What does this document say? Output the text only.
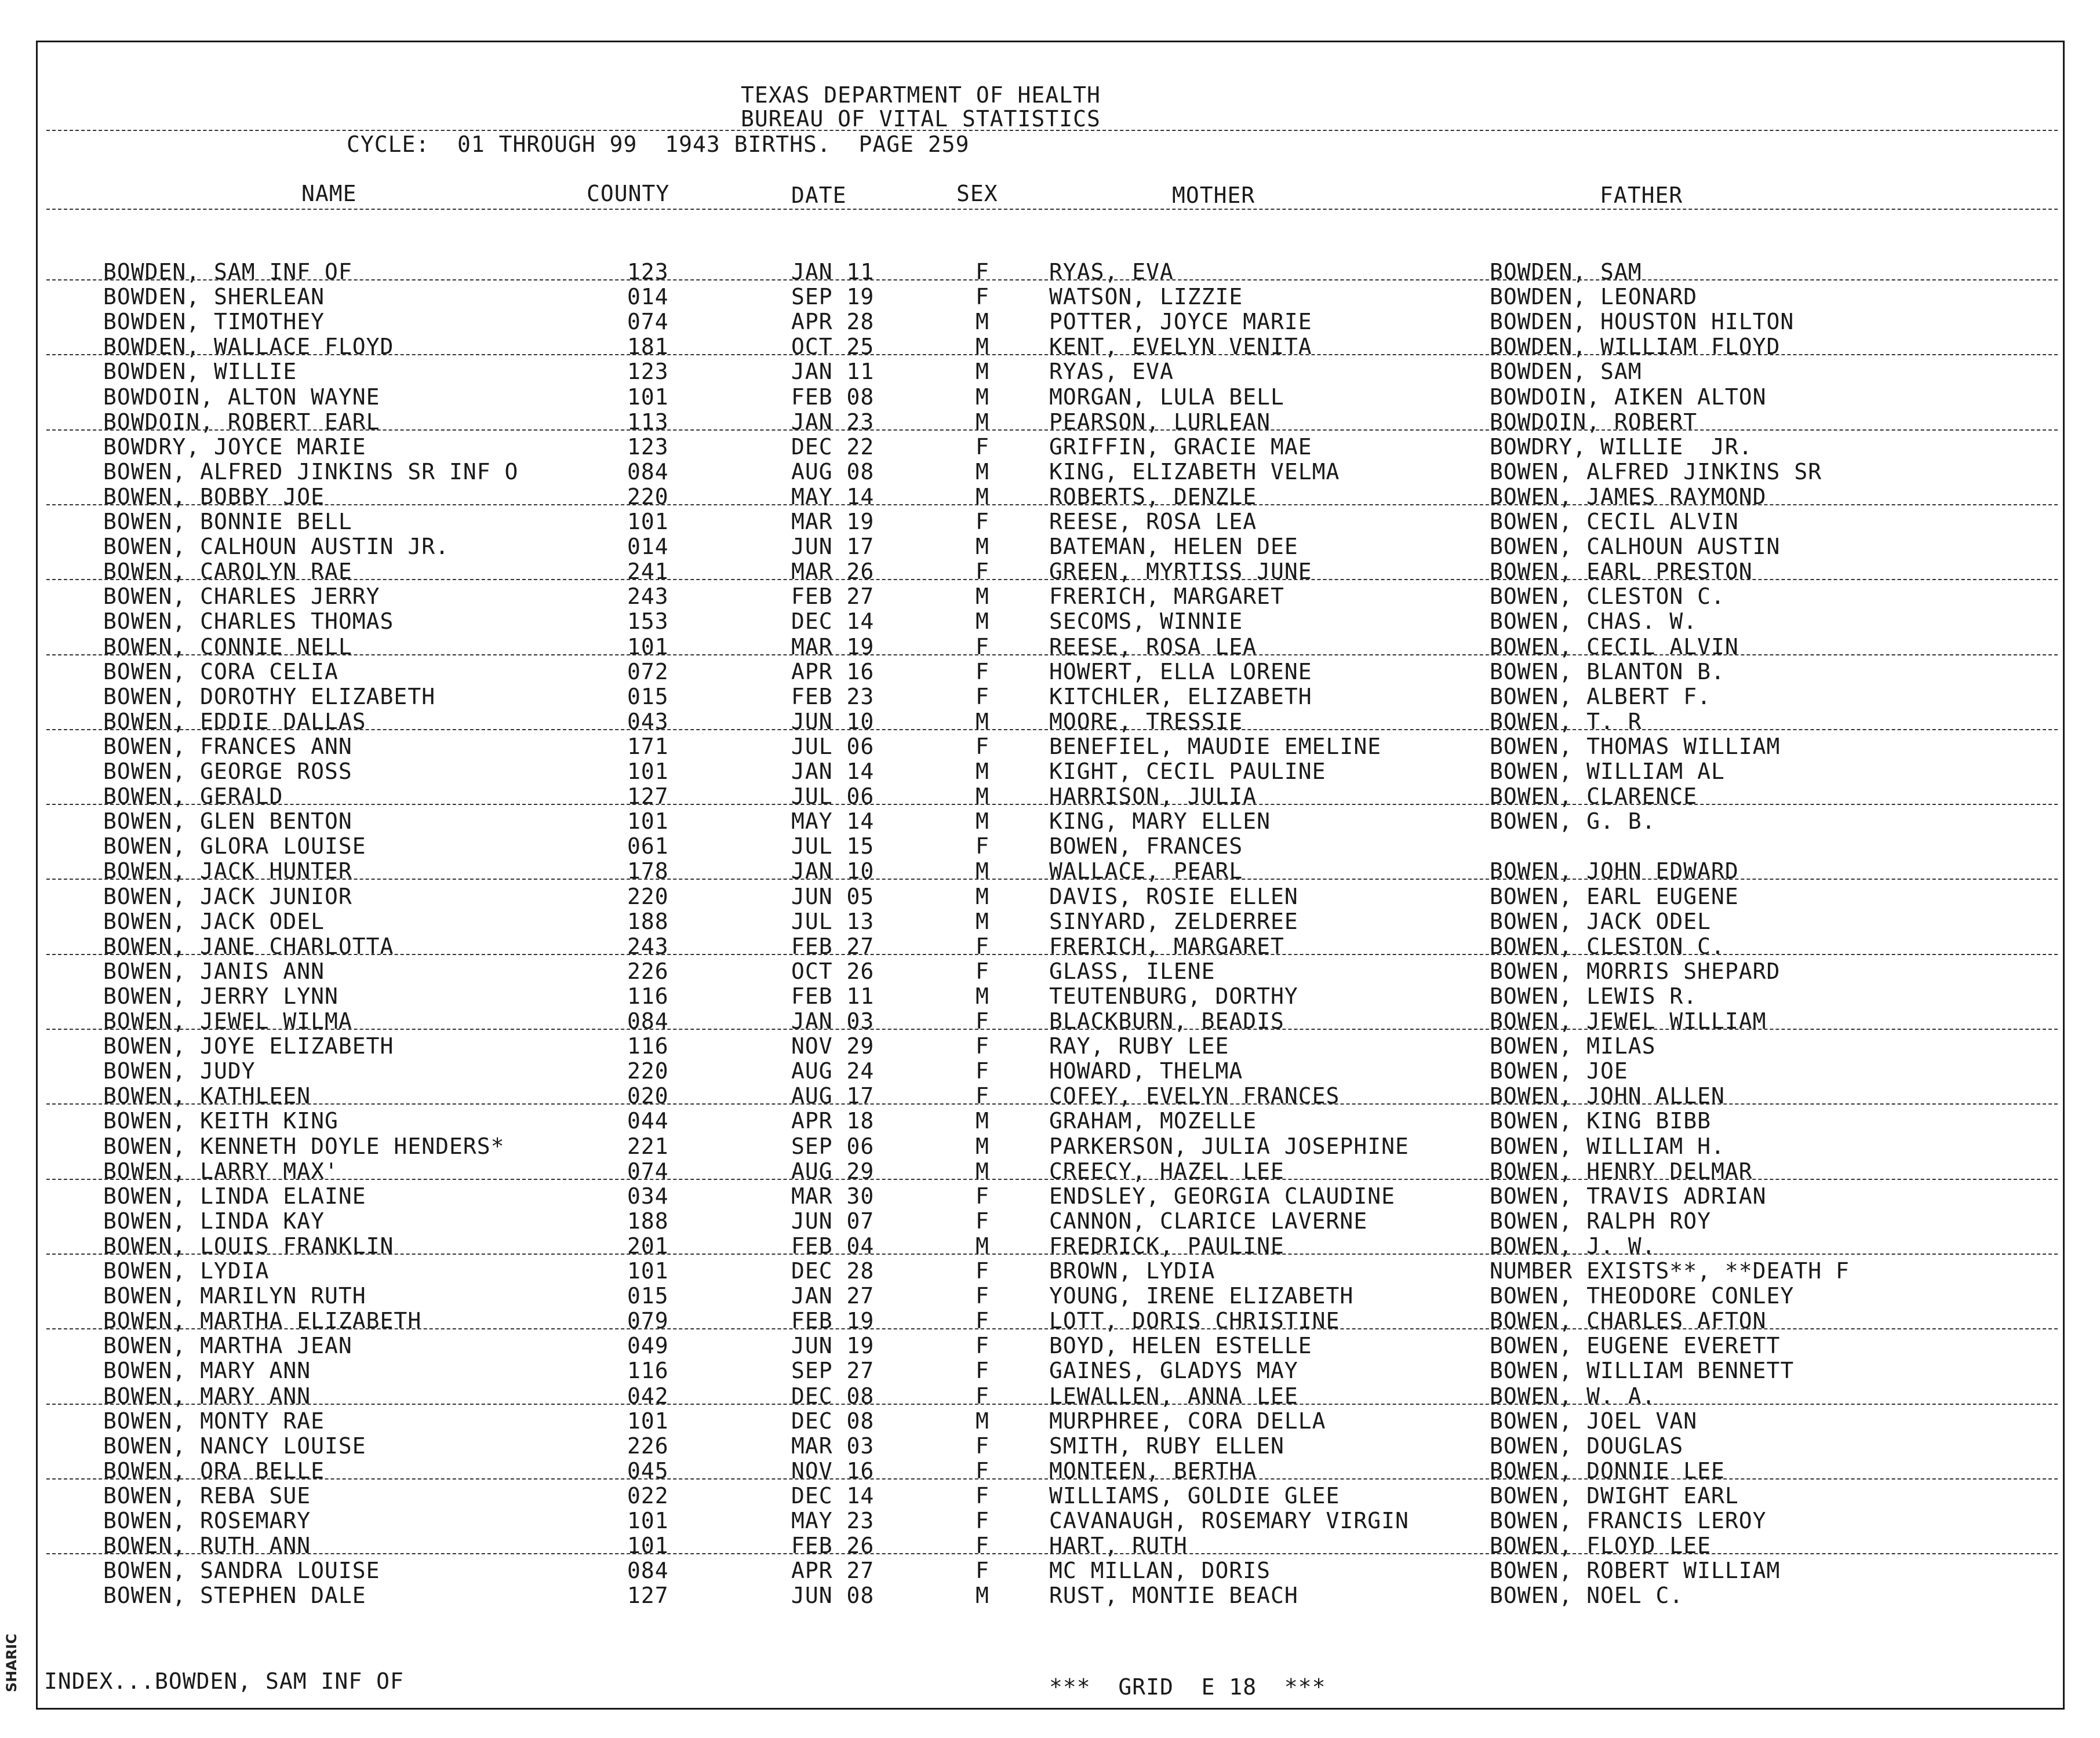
TEXAS DEPARTMENT OF HEALTH
BUREAU OF VITAL STATISTICS
CYCLE:  01 THROUGH 99  1943 BIRTHS.  PAGE 259
NAME	COUNTY	DATE	SEX	MOTHER	FATHER
BOWDEN, SAM INF OF	123	JAN 11	F	RYAS, EVA	BOWDEN, SAM
BOWDEN, SHERLEAN	014	SEP 19	F	WATSON, LIZZIE	BOWDEN, LEONARD
BOWDEN, TIMOTHEY	074	APR 28	M	POTTER, JOYCE MARIE	BOWDEN, HOUSTON HILTON
BOWDEN, WALLACE FLOYD	181	OCT 25	M	KENT, EVELYN VENITA	BOWDEN, WILLIAM FLOYD
BOWDEN, WILLIE	123	JAN 11	M	RYAS, EVA	BOWDEN, SAM
BOWDOIN, ALTON WAYNE	101	FEB 08	M	MORGAN, LULA BELL	BOWDOIN, AIKEN ALTON
BOWDOIN, ROBERT EARL	113	JAN 23	M	PEARSON, LURLEAN	BOWDOIN, ROBERT
BOWDRY, JOYCE MARIE	123	DEC 22	F	GRIFFIN, GRACIE MAE	BOWDRY, WILLIE  JR.
BOWEN, ALFRED JINKINS SR INF O	084	AUG 08	M	KING, ELIZABETH VELMA	BOWEN, ALFRED JINKINS SR
BOWEN, BOBBY JOE	220	MAY 14	M	ROBERTS, DENZLE	BOWEN, JAMES RAYMOND
BOWEN, BONNIE BELL	101	MAR 19	F	REESE, ROSA LEA	BOWEN, CECIL ALVIN
BOWEN, CALHOUN AUSTIN JR.	014	JUN 17	M	BATEMAN, HELEN DEE	BOWEN, CALHOUN AUSTIN
BOWEN, CAROLYN RAE	241	MAR 26	F	GREEN, MYRTISS JUNE	BOWEN, EARL PRESTON
BOWEN, CHARLES JERRY	243	FEB 27	M	FRERICH, MARGARET	BOWEN, CLESTON C.
BOWEN, CHARLES THOMAS	153	DEC 14	M	SECOMS, WINNIE	BOWEN, CHAS. W.
BOWEN, CONNIE NELL	101	MAR 19	F	REESE, ROSA LEA	BOWEN, CECIL ALVIN
BOWEN, CORA CELIA	072	APR 16	F	HOWERT, ELLA LORENE	BOWEN, BLANTON B.
BOWEN, DOROTHY ELIZABETH	015	FEB 23	F	KITCHLER, ELIZABETH	BOWEN, ALBERT F.
BOWEN, EDDIE DALLAS	043	JUN 10	M	MOORE, TRESSIE	BOWEN, T. R
BOWEN, FRANCES ANN	171	JUL 06	F	BENEFIEL, MAUDIE EMELINE	BOWEN, THOMAS WILLIAM
BOWEN, GEORGE ROSS	101	JAN 14	M	KIGHT, CECIL PAULINE	BOWEN, WILLIAM AL
BOWEN, GERALD	127	JUL 06	M	HARRISON, JULIA	BOWEN, CLARENCE
BOWEN, GLEN BENTON	101	MAY 14	M	KING, MARY ELLEN	BOWEN, G. B.
BOWEN, GLORA LOUISE	061	JUL 15	F	BOWEN, FRANCES
BOWEN, JACK HUNTER	178	JAN 10	M	WALLACE, PEARL	BOWEN, JOHN EDWARD
BOWEN, JACK JUNIOR	220	JUN 05	M	DAVIS, ROSIE ELLEN	BOWEN, EARL EUGENE
BOWEN, JACK ODEL	188	JUL 13	M	SINYARD, ZELDERREE	BOWEN, JACK ODEL
BOWEN, JANE CHARLOTTA	243	FEB 27	F	FRERICH, MARGARET	BOWEN, CLESTON C.
BOWEN, JANIS ANN	226	OCT 26	F	GLASS, ILENE	BOWEN, MORRIS SHEPARD
BOWEN, JERRY LYNN	116	FEB 11	M	TEUTENBURG, DORTHY	BOWEN, LEWIS R.
BOWEN, JEWEL WILMA	084	JAN 03	F	BLACKBURN, BEADIS	BOWEN, JEWEL WILLIAM
BOWEN, JOYE ELIZABETH	116	NOV 29	F	RAY, RUBY LEE	BOWEN, MILAS
BOWEN, JUDY	220	AUG 24	F	HOWARD, THELMA	BOWEN, JOE
BOWEN, KATHLEEN	020	AUG 17	F	COFEY, EVELYN FRANCES	BOWEN, JOHN ALLEN
BOWEN, KEITH KING	044	APR 18	M	GRAHAM, MOZELLE	BOWEN, KING BIBB
BOWEN, KENNETH DOYLE HENDERS*	221	SEP 06	M	PARKERSON, JULIA JOSEPHINE	BOWEN, WILLIAM H.
BOWEN, LARRY MAX'	074	AUG 29	M	CREECY, HAZEL LEE	BOWEN, HENRY DELMAR
BOWEN, LINDA ELAINE	034	MAR 30	F	ENDSLEY, GEORGIA CLAUDINE	BOWEN, TRAVIS ADRIAN
BOWEN, LINDA KAY	188	JUN 07	F	CANNON, CLARICE LAVERNE	BOWEN, RALPH ROY
BOWEN, LOUIS FRANKLIN	201	FEB 04	M	FREDRICK, PAULINE	BOWEN, J. W.
BOWEN, LYDIA	101	DEC 28	F	BROWN, LYDIA	NUMBER EXISTS**, **DEATH F
BOWEN, MARILYN RUTH	015	JAN 27	F	YOUNG, IRENE ELIZABETH	BOWEN, THEODORE CONLEY
BOWEN, MARTHA ELIZABETH	079	FEB 19	F	LOTT, DORIS CHRISTINE	BOWEN, CHARLES AFTON
BOWEN, MARTHA JEAN	049	JUN 19	F	BOYD, HELEN ESTELLE	BOWEN, EUGENE EVERETT
BOWEN, MARY ANN	116	SEP 27	F	GAINES, GLADYS MAY	BOWEN, WILLIAM BENNETT
BOWEN, MARY ANN	042	DEC 08	F	LEWALLEN, ANNA LEE	BOWEN, W. A.
BOWEN, MONTY RAE	101	DEC 08	M	MURPHREE, CORA DELLA	BOWEN, JOEL VAN
BOWEN, NANCY LOUISE	226	MAR 03	F	SMITH, RUBY ELLEN	BOWEN, DOUGLAS
BOWEN, ORA BELLE	045	NOV 16	F	MONTEEN, BERTHA	BOWEN, DONNIE LEE
BOWEN, REBA SUE	022	DEC 14	F	WILLIAMS, GOLDIE GLEE	BOWEN, DWIGHT EARL
BOWEN, ROSEMARY	101	MAY 23	F	CAVANAUGH, ROSEMARY VIRGIN	BOWEN, FRANCIS LEROY
BOWEN, RUTH ANN	101	FEB 26	F	HART, RUTH	BOWEN, FLOYD LEE
BOWEN, SANDRA LOUISE	084	APR 27	F	MC MILLAN, DORIS	BOWEN, ROBERT WILLIAM
BOWEN, STEPHEN DALE	127	JUN 08	M	RUST, MONTIE BEACH	BOWEN, NOEL C.
INDEX...BOWDEN, SAM INF OF	***  GRID  E 18  ***
SHARIC
